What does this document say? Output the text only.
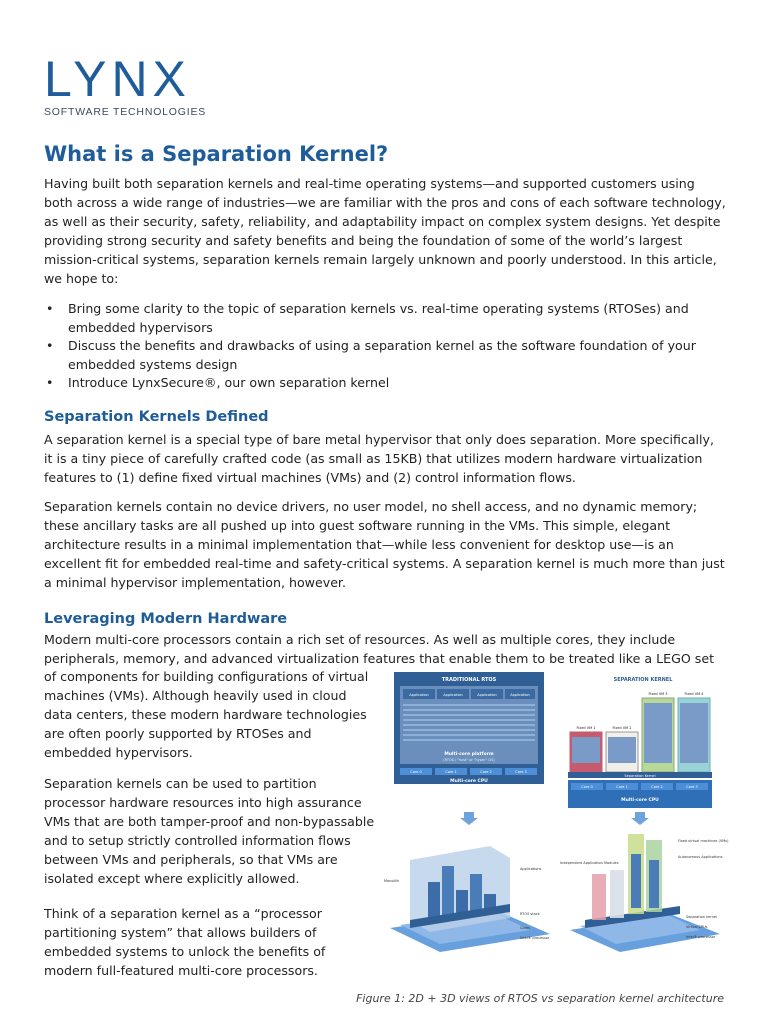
LYNX
SOFTWARE TECHNOLOGIES
What is a Separation Kernel?

Having built both separation kernels and real-time operating systems—and supported customers using both across a wide range of industries—we are familiar with the pros and cons of each software technology, as well as their security, safety, reliability, and adaptability impact on complex system designs. Yet despite providing strong security and safety benefits and being the foundation of some of the world’s largest mission-critical systems, separation kernels remain largely unknown and poorly understood. In this article, we hope to:

• Bring some clarity to the topic of separation kernels vs. real-time operating systems (RTOSes) and embedded hypervisors
• Discuss the benefits and drawbacks of using a separation kernel as the software foundation of your embedded systems design
• Introduce LynxSecure®, our own separation kernel
Separation Kernels Defined

A separation kernel is a special type of bare metal hypervisor that only does separation. More specifically, it is a tiny piece of carefully crafted code (as small as 15KB) that utilizes modern hardware virtualization features to (1) define fixed virtual machines (VMs) and (2) control information flows.

Separation kernels contain no device drivers, no user model, no shell access, and no dynamic memory; these ancillary tasks are all pushed up into guest software running in the VMs. This simple, elegant architecture results in a minimal implementation that—while less convenient for desktop use—is an excellent fit for embedded real-time and safety-critical systems. A separation kernel is much more than just a minimal hypervisor implementation, however.

Leveraging Modern Hardware

Modern multi-core processors contain a rich set of resources. As well as multiple cores, they include peripherals, memory, and advanced virtualization features that enable them to be treated like a LEGO set

of components for building configurations of virtual machines (VMs). Although heavily used in cloud data centers, these modern hardware technologies are often poorly supported by RTOSes and embedded hypervisors.

Separation kernels can be used to partition processor hardware resources into high assurance VMs that are both tamper-proof and non-bypassable and to setup strictly controlled information flows between VMs and peripherals, so that VMs are isolated except where explicitly allowed.

Think of a separation kernel as a “processor partitioning system” that allows builders of embedded systems to unlock the benefits of modern full-featured multi-core processors.

TRADITIONAL RTOS
Application	Application	Application	Application
Multi-core platform
(RTOS / "host" or "hyper" OS)
Core 0	Core 1	Core 2	Core 3
Multi-core CPU
SEPARATION KERNEL
Fixed VM 1	Fixed VM 2
Fixed VM 3	Fixed VM 4
Separation Kernel
Core 0	Core 1	Core 2	Core 3
Multi-core CPU
Monolith
Applications
RTOS stack
Cores
Intel® processor
Fixed virtual machines (VMs)
Autonomous Applications
Independent Application Modules
Separation kernel
Virtual CPUs
Intel® processor

Figure 1: 2D + 3D views of RTOS vs separation kernel architecture
